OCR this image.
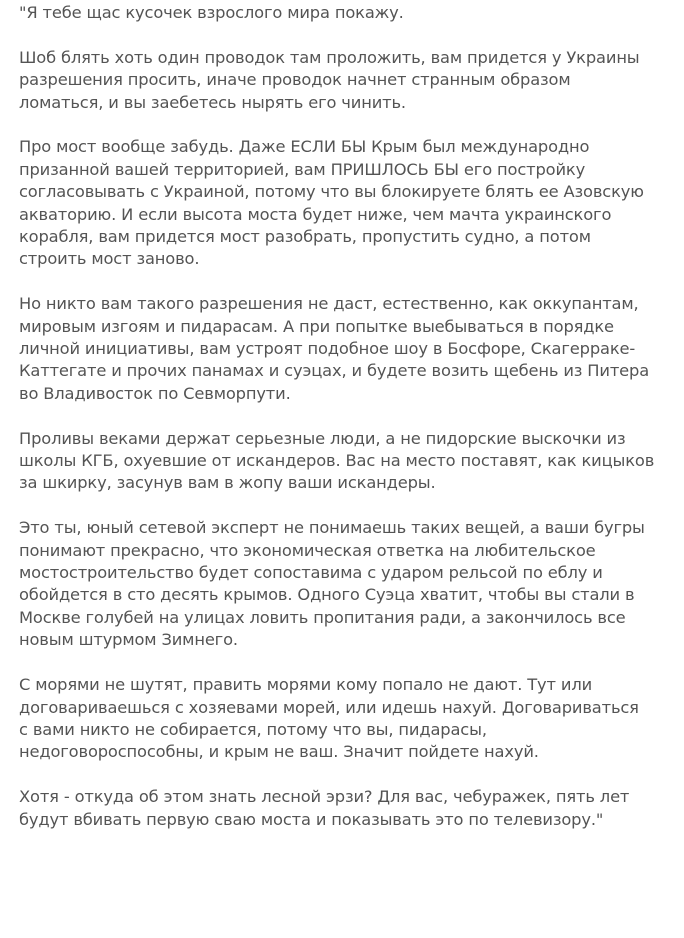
"Я тебе щас кусочек взрослого мира покажу.
Шоб блять хоть один проводок там проложить, вам придется у Украины
разрешения просить, иначе проводок начнет странным образом
ломаться, и вы заебетесь нырять его чинить.
Про мост вообще забудь. Даже ЕСЛИ БЫ Крым был международно
призанной вашей территорией, вам ПРИШЛОСЬ БЫ его постройку
согласовывать с Украиной, потому что вы блокируете блять ее Азовскую
акваторию. И если высота моста будет ниже, чем мачта украинского
корабля, вам придется мост разобрать, пропустить судно, а потом
строить мост заново.
Но никто вам такого разрешения не даст, естественно, как оккупантам,
мировым изгоям и пидарасам. А при попытке выебываться в порядке
личной инициативы, вам устроят подобное шоу в Босфоре, Скагерраке-
Каттегате и прочих панамах и суэцах, и будете возить щебень из Питера
во Владивосток по Севморпути.
Проливы веками держат серьезные люди, а не пидорские выскочки из
школы КГБ, охуевшие от искандеров. Вас на место поставят, как кицыков
за шкирку, засунув вам в жопу ваши искандеры.
Это ты, юный сетевой эксперт не понимаешь таких вещей, а ваши бугры
понимают прекрасно, что экономическая ответка на любительское
мостостроительство будет сопоставима с ударом рельсой по еблу и
обойдется в сто десять крымов. Одного Суэца хватит, чтобы вы стали в
Москве голубей на улицах ловить пропитания ради, а закончилось все
новым штурмом Зимнего.
С морями не шутят, править морями кому попало не дают. Тут или
договариваешься с хозяевами морей, или идешь нахуй. Договариваться
с вами никто не собирается, потому что вы, пидарасы,
недоговороспособны, и крым не ваш. Значит пойдете нахуй.
Хотя - откуда об этом знать лесной эрзи? Для вас, чебуражек, пять лет
будут вбивать первую сваю моста и показывать это по телевизору."
